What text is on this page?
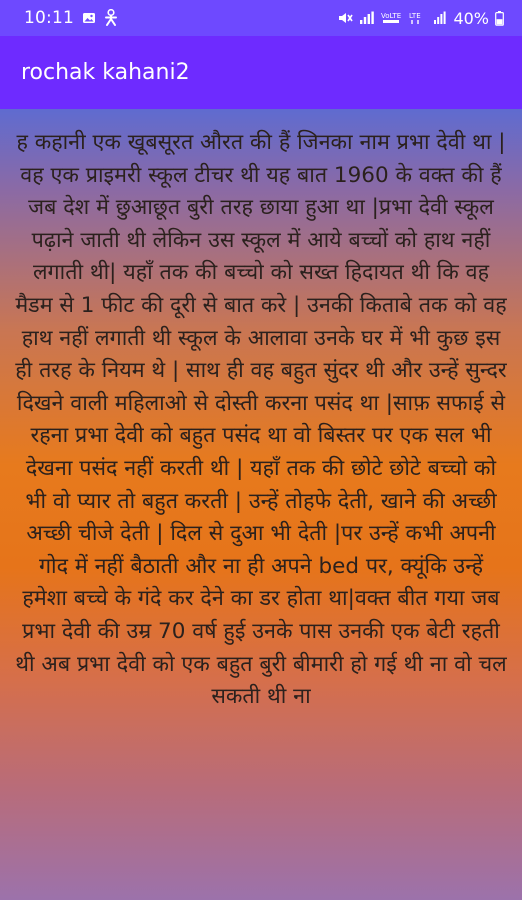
10:11	VoLTE LTE 40%
rochak kahani2

ह कहानी एक खूबसूरत औरत की हैं जिनका नाम प्रभा देवी था | वह एक प्राइमरी स्कूल टीचर थी यह बात 1960 के वक्त की हैं जब देश में छुआछूत बुरी तरह छाया हुआ था |प्रभा देवी स्कूल पढ़ाने जाती थी लेकिन उस स्कूल में आये बच्चों को हाथ नहीं लगाती थी| यहाँ तक की बच्चो को सख्त हिदायत थी कि वह मैडम से 1 फीट की दूरी से बात करे | उनकी किताबे तक को वह हाथ नहीं लगाती थी स्कूल के आलावा उनके घर में भी कुछ इस ही तरह के नियम थे | साथ ही वह बहुत सुंदर थी और उन्हें सुन्दर दिखने वाली महिलाओ से दोस्ती करना पसंद था |साफ़ सफाई से रहना प्रभा देवी को बहुत पसंद था वो बिस्तर पर एक सल भी देखना पसंद नहीं करती थी | यहाँ तक की छोटे छोटे बच्चो को भी वो प्यार तो बहुत करती | उन्हें तोहफे देती, खाने की अच्छी अच्छी चीजे देती | दिल से दुआ भी देती |पर उन्हें कभी अपनी गोद में नहीं बैठाती और ना ही अपने bed पर, क्यूंकि उन्हें हमेशा बच्चे के गंदे कर देने का डर होता था|वक्त बीत गया जब प्रभा देवी की उम्र 70 वर्ष हुई उनके पास उनकी एक बेटी रहती थी अब प्रभा देवी को एक बहुत बुरी बीमारी हो गई थी ना वो चल सकती थी ना
